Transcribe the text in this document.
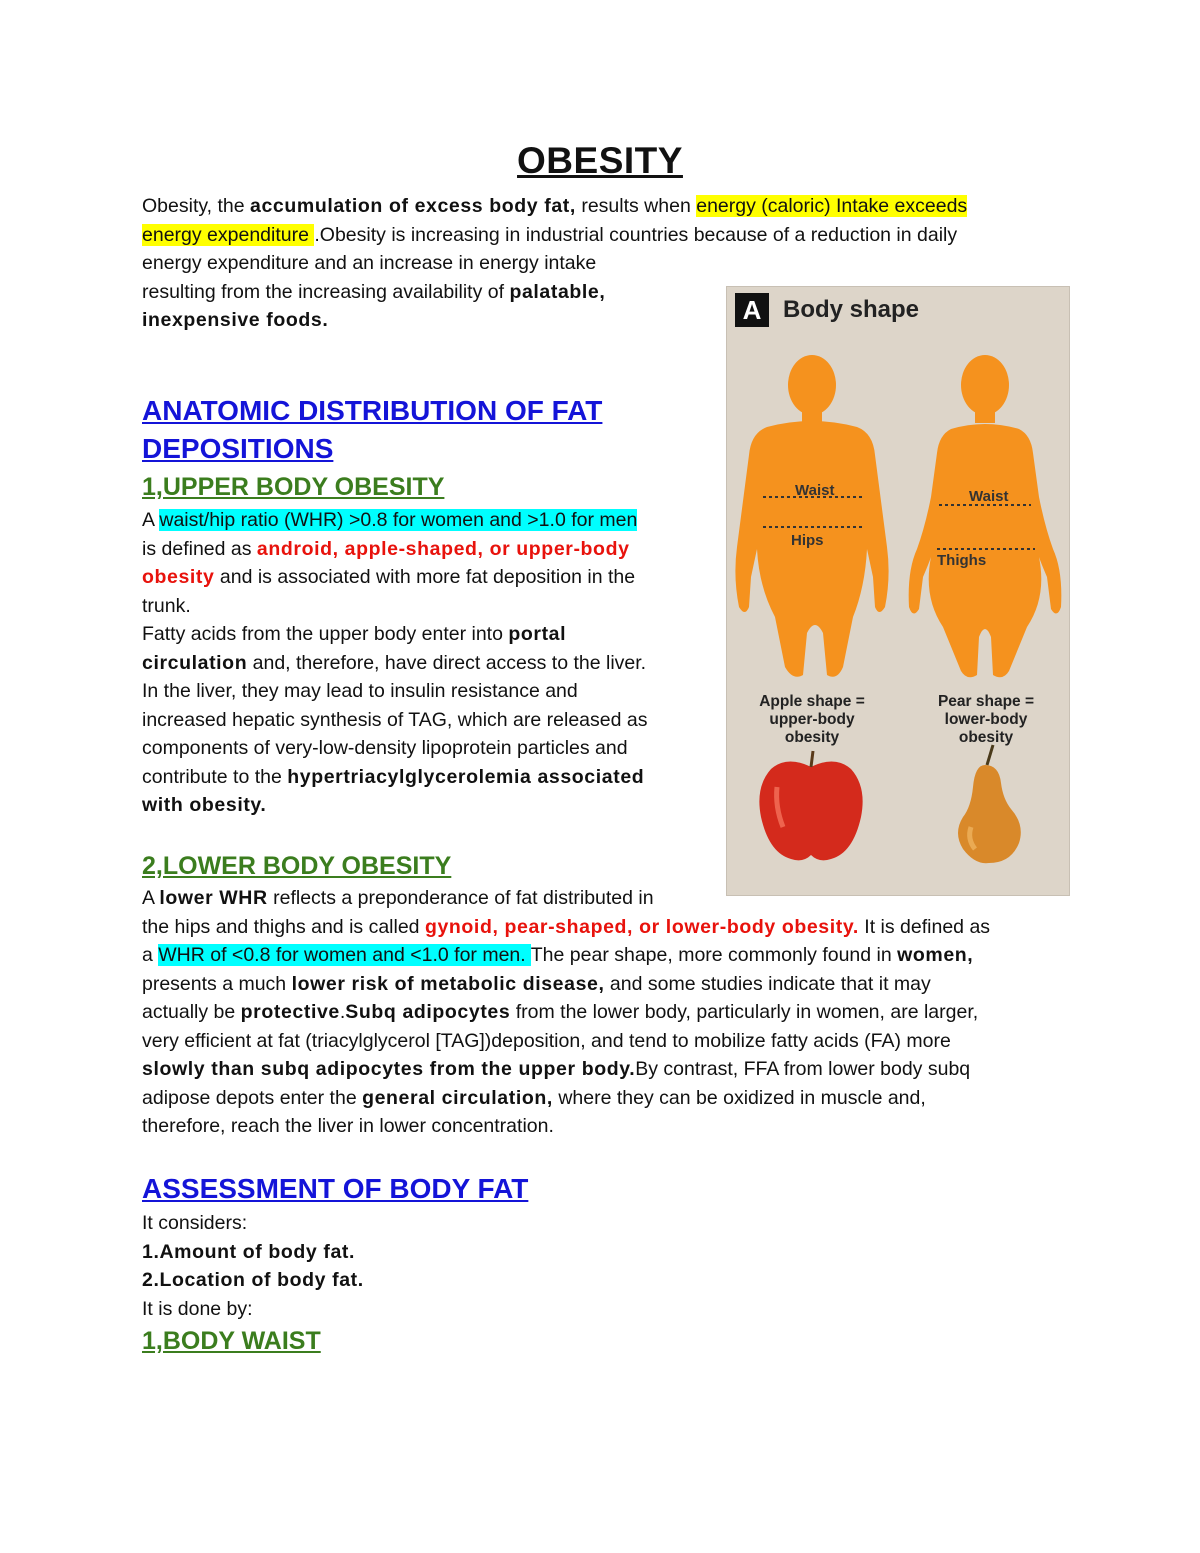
OBESITY
Obesity, the accumulation of excess body fat, results when energy (caloric) Intake exceeds
energy expenditure .Obesity is increasing in industrial countries because of a reduction in daily
energy expenditure and an increase in energy intake
resulting from the increasing availability of palatable,
inexpensive foods.
ANATOMIC DISTRIBUTION OF FAT
DEPOSITIONS
1,UPPER BODY OBESITY
A waist/hip ratio (WHR) >0.8 for women and >1.0 for men
is defined as android, apple-shaped, or upper-body
obesity and is associated with more fat deposition in the
trunk.
Fatty acids from the upper body enter into portal
circulation and, therefore, have direct access to the liver.
In the liver, they may lead to insulin resistance and
increased hepatic synthesis of TAG, which are released as
components of very-low-density lipoprotein particles and
contribute to the hypertriacylglycerolemia associated
with obesity.
2,LOWER BODY OBESITY
A lower WHR reflects a preponderance of fat distributed in
the hips and thighs and is called gynoid, pear-shaped, or lower-body obesity. It is defined as
a WHR of <0.8 for women and <1.0 for men. The pear shape, more commonly found in women,
presents a much lower risk of metabolic disease, and some studies indicate that it may
actually be protective.Subq adipocytes from the lower body, particularly in women, are larger,
very efficient at fat (triacylglycerol [TAG])deposition, and tend to mobilize fatty acids (FA) more
slowly than subq adipocytes from the upper body.By contrast, FFA from lower body subq
adipose depots enter the general circulation, where they can be oxidized in muscle and,
therefore, reach the liver in lower concentration.
ASSESSMENT OF BODY FAT
It considers:
1.Amount of body fat.
2.Location of body fat.
It is done by:
1,BODY WAIST
A Body shape
Waist
Hips
Waist
Thighs
Apple shape =
upper-body
obesity
Pear shape =
lower-body
obesity
